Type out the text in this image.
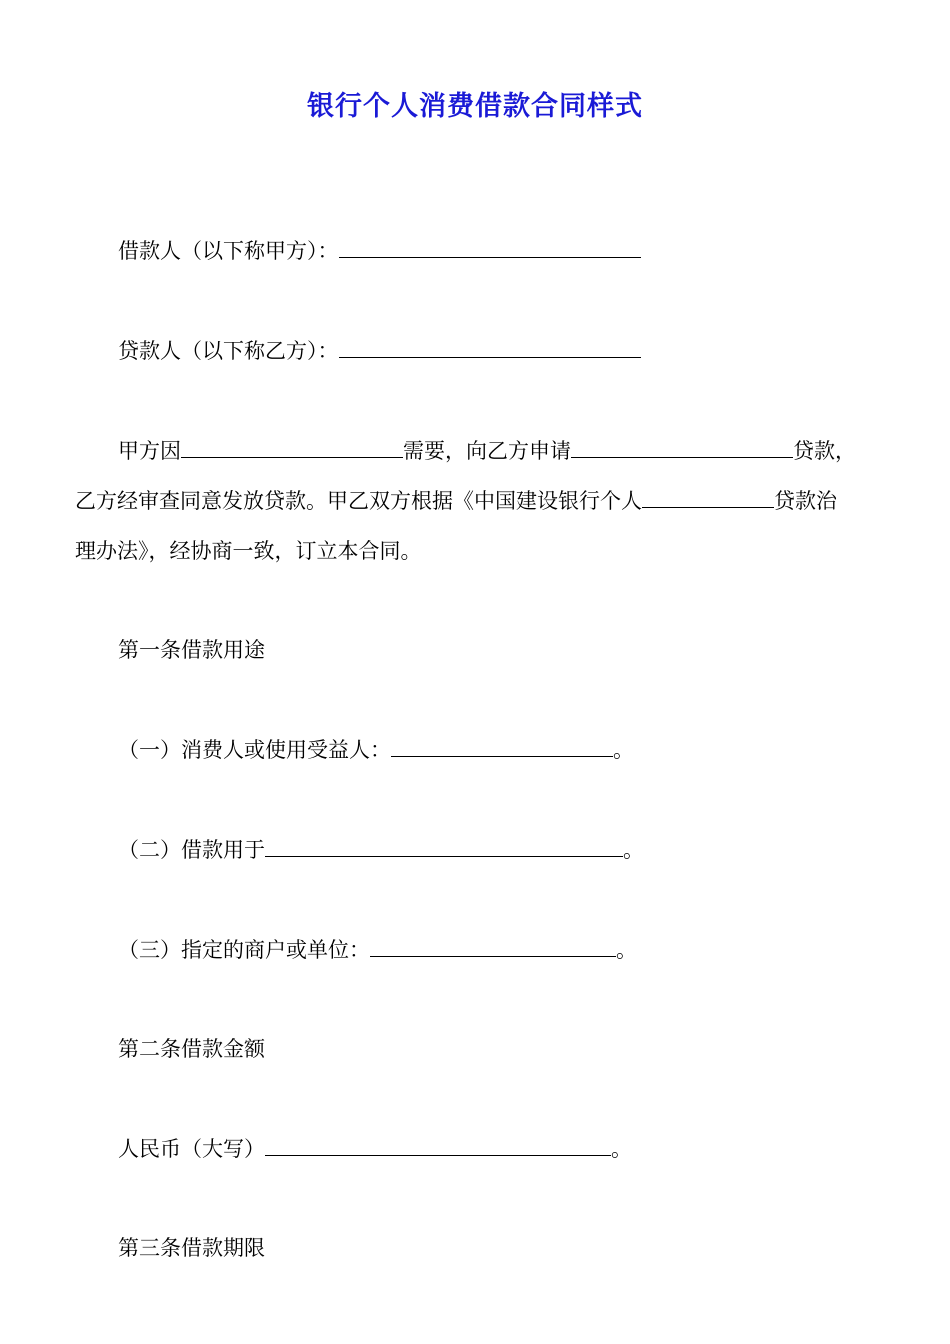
银行个人消费借款合同样式
借款人（以下称甲方）：
贷款人（以下称乙方）：
甲方因	需要，向乙方申请	贷款，
乙方经审查同意发放贷款。甲乙双方根据《中国建设银行个人	贷款治
理办法》，经协商一致，订立本合同。
第一条借款用途
（一）消费人或使用受益人：	。
（二）借款用于	。
（三）指定的商户或单位：	。
第二条借款金额
人民币（大写）	。
第三条借款期限
